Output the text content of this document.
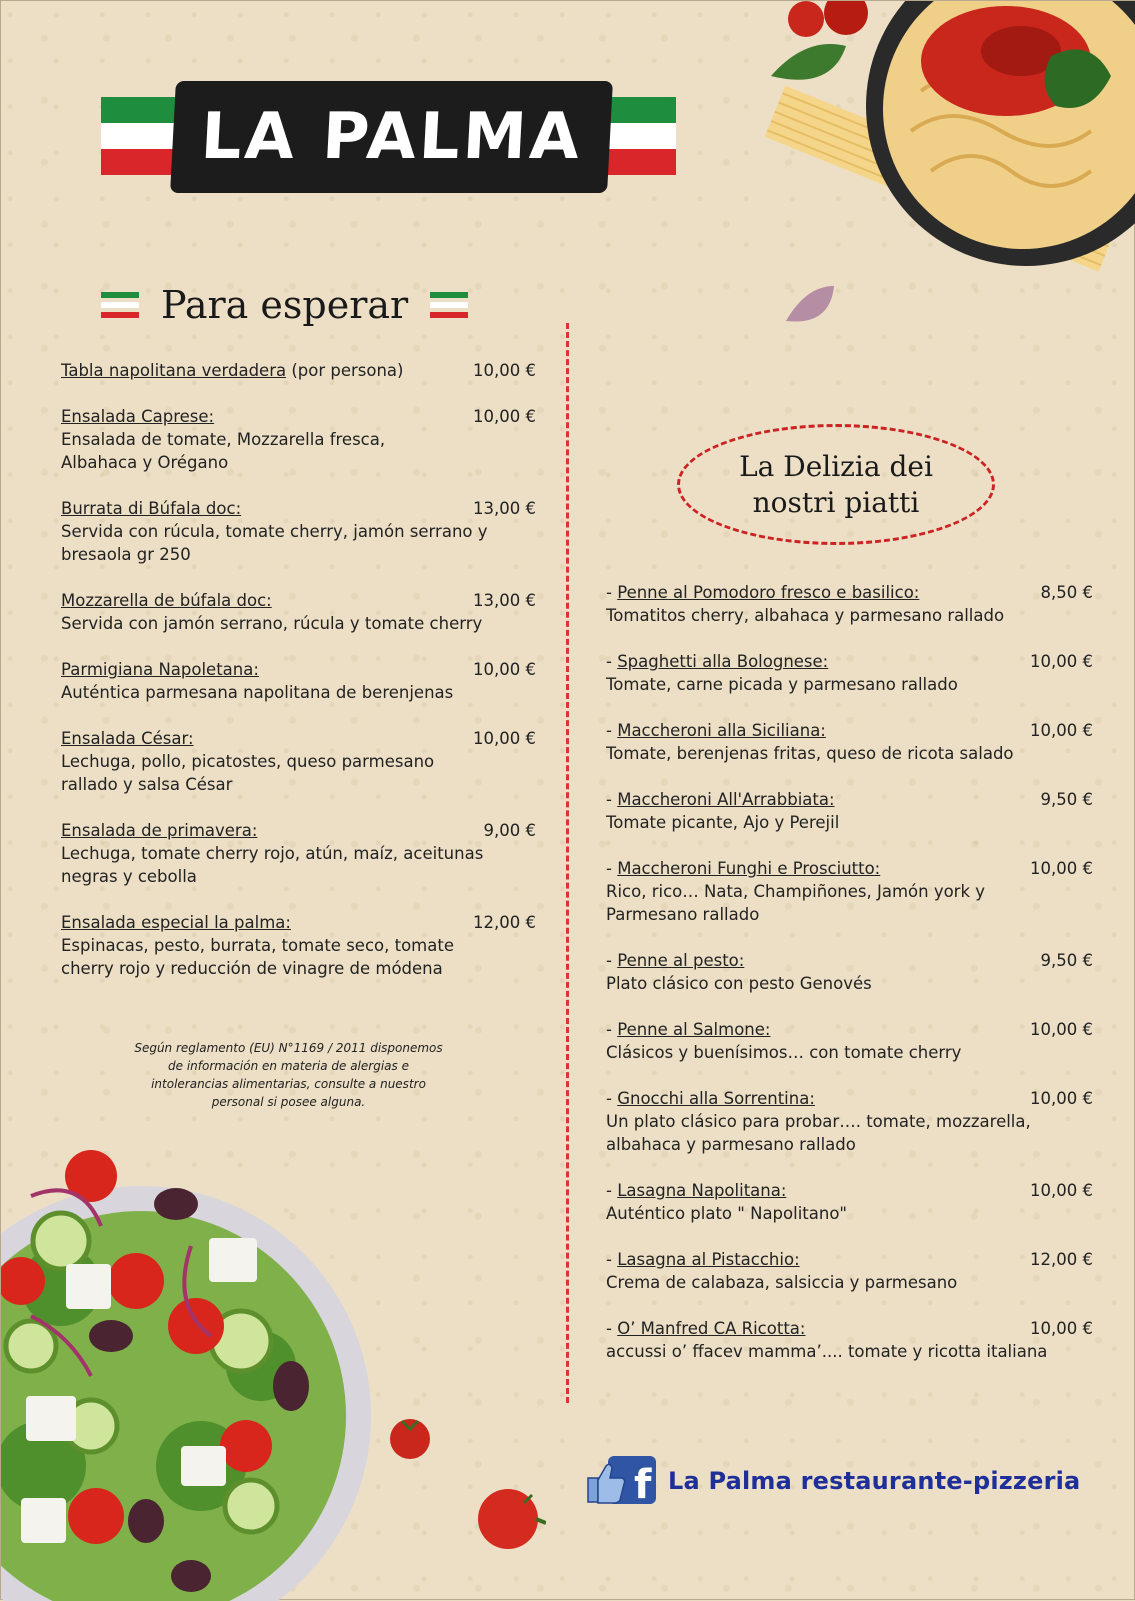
LA PALMA
Para esperar
Tabla napolitana verdadera (por persona)	10,00 €
Ensalada Caprese:	10,00 €
Ensalada de tomate, Mozzarella fresca, Albahaca y Orégano
Burrata di Búfala doc:	13,00 €
Servida con rúcula, tomate cherry, jamón serrano y bresaola gr 250
Mozzarella de búfala doc:	13,00 €
Servida con jamón serrano, rúcula y tomate cherry
Parmigiana Napoletana:	10,00 €
Auténtica parmesana napolitana de berenjenas
Ensalada César:	10,00 €
Lechuga, pollo, picatostes, queso parmesano rallado y salsa César
Ensalada de primavera:	9,00 €
Lechuga, tomate cherry rojo, atún, maíz, aceitunas negras y cebolla
Ensalada especial la palma:	12,00 €
Espinacas, pesto, burrata, tomate seco, tomate cherry rojo y reducción de vinagre de módena
Según reglamento (EU) N°1169 / 2011 disponemos de información en materia de alergias e intolerancias alimentarias, consulte a nuestro personal si posee alguna.
La Delizia dei
nostri piatti
- Penne al Pomodoro fresco e basilico:	8,50 €
Tomatitos cherry, albahaca y parmesano rallado
- Spaghetti alla Bolognese:	10,00 €
Tomate, carne picada y parmesano rallado
- Maccheroni alla Siciliana:	10,00 €
Tomate, berenjenas fritas, queso de ricota salado
- Maccheroni All'Arrabbiata:	9,50 €
Tomate picante, Ajo y Perejil
- Maccheroni Funghi e Prosciutto:	10,00 €
Rico, rico… Nata, Champiñones, Jamón york y Parmesano rallado
- Penne al pesto:	9,50 €
Plato clásico con pesto Genovés
- Penne al Salmone:	10,00 €
Clásicos y buenísimos… con tomate cherry
- Gnocchi alla Sorrentina:	10,00 €
Un plato clásico para probar…. tomate, mozzarella, albahaca y parmesano rallado
- Lasagna Napolitana:	10,00 €
Auténtico plato " Napolitano"
- Lasagna al Pistacchio:	12,00 €
Crema de calabaza, salsiccia y parmesano
- O’ Manfred CA Ricotta:	10,00 €
accussi o’ ffacev mamma’.... tomate y ricotta italiana
f La Palma restaurante-pizzeria
